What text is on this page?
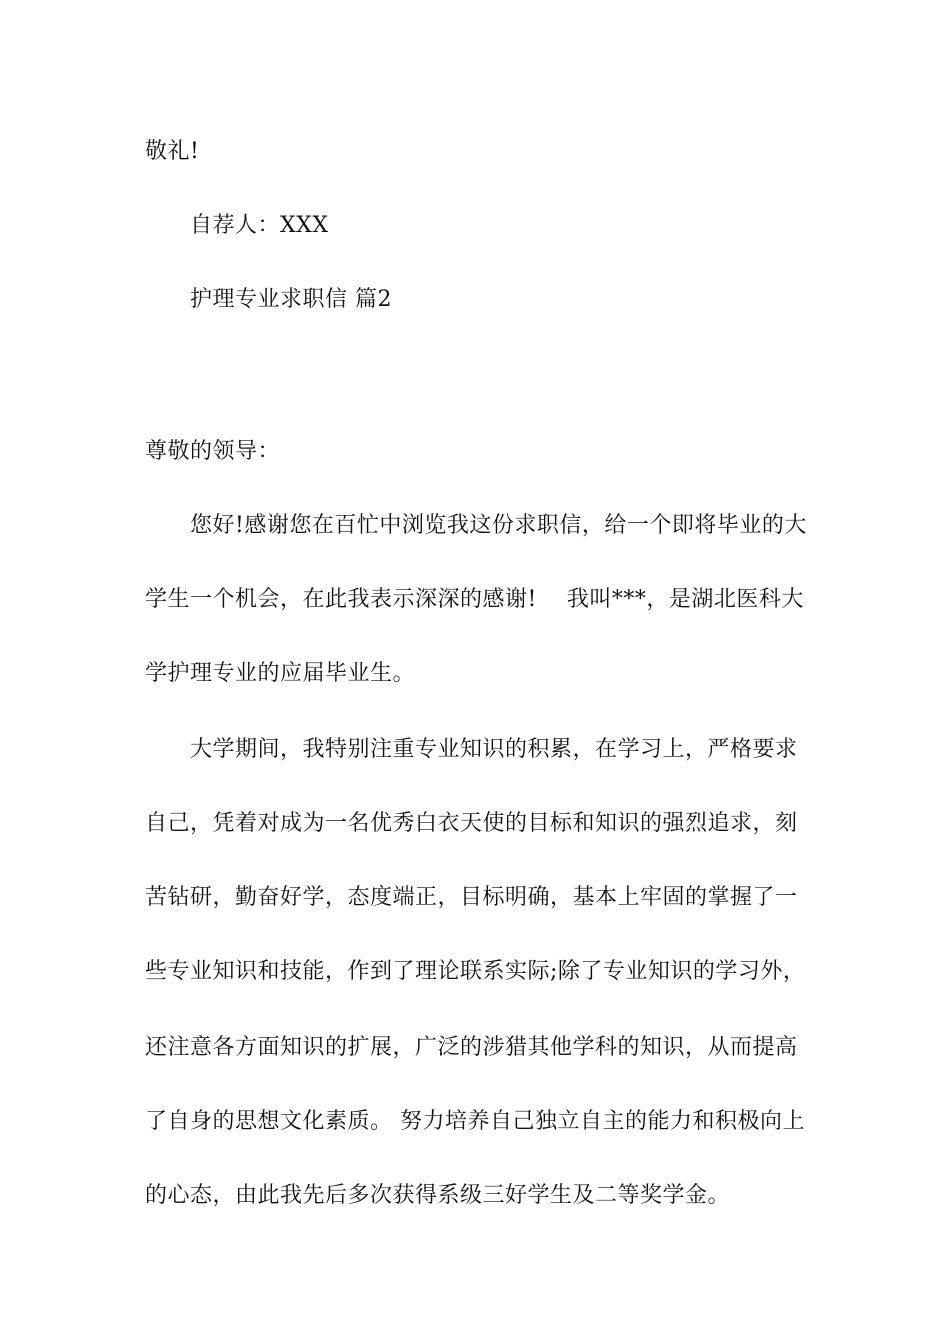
敬礼!
自荐人：XXX
护理专业求职信 篇2
尊敬的领导：
您好!感谢您在百忙中浏览我这份求职信，给一个即将毕业的大
学生一个机会，在此我表示深深的感谢! 我叫***，是湖北医科大
学护理专业的应届毕业生。
大学期间，我特别注重专业知识的积累，在学习上，严格要求
自己，凭着对成为一名优秀白衣天使的目标和知识的强烈追求，刻
苦钻研，勤奋好学，态度端正，目标明确，基本上牢固的掌握了一
些专业知识和技能，作到了理论联系实际;除了专业知识的学习外，
还注意各方面知识的扩展，广泛的涉猎其他学科的知识，从而提高
了自身的思想文化素质。 努力培养自己独立自主的能力和积极向上
的心态，由此我先后多次获得系级三好学生及二等奖学金。
